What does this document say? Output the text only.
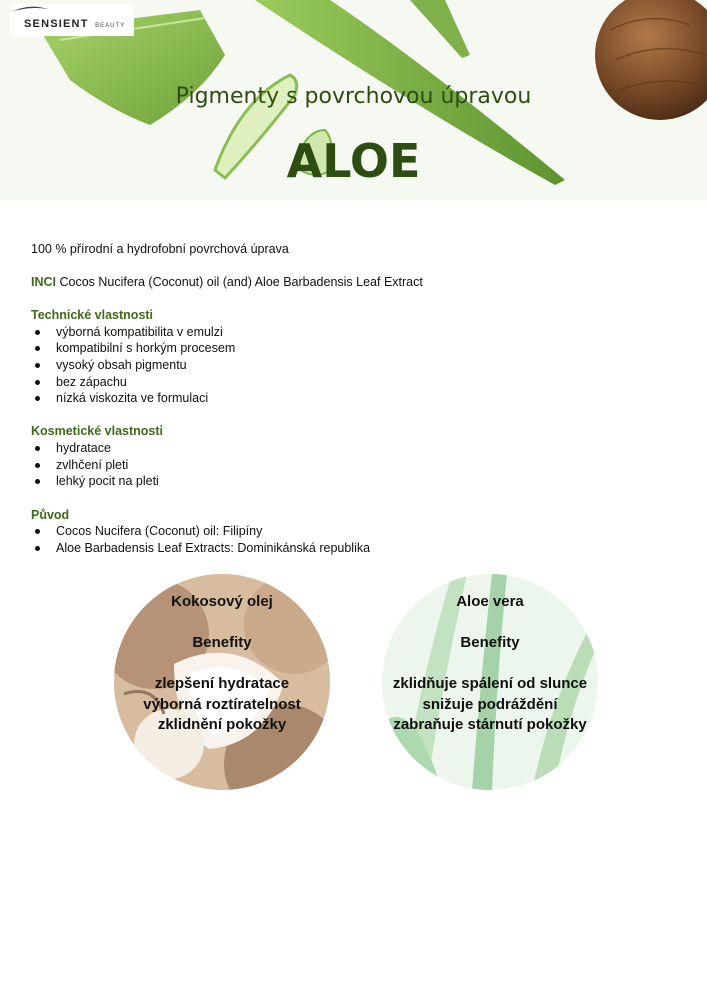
SENSIENT BEAUTY
Pigmenty s povrchovou úpravou
ALOE
100 % přírodní a hydrofobní povrchová úprava
INCI Cocos Nucifera (Coconut) oil (and) Aloe Barbadensis Leaf Extract
Technické vlastnosti
výborná kompatibilita v emulzi
kompatibilní s horkým procesem
vysoký obsah pigmentu
bez zápachu
nízká viskozita ve formulaci
Kosmetické vlastnosti
hydratace
zvlhčení pleti
lehký pocit na pleti
Původ
Cocos Nucifera (Coconut) oil: Filipíny
Aloe Barbadensis Leaf Extracts: Dominikánská republika
Kokosový olej
Benefity
zlepšení hydratace
výborná roztíratelnost
zklidnění pokožky
Aloe vera
Benefity
zklidňuje spálení od slunce
snižuje podráždění
zabraňuje stárnutí pokožky
